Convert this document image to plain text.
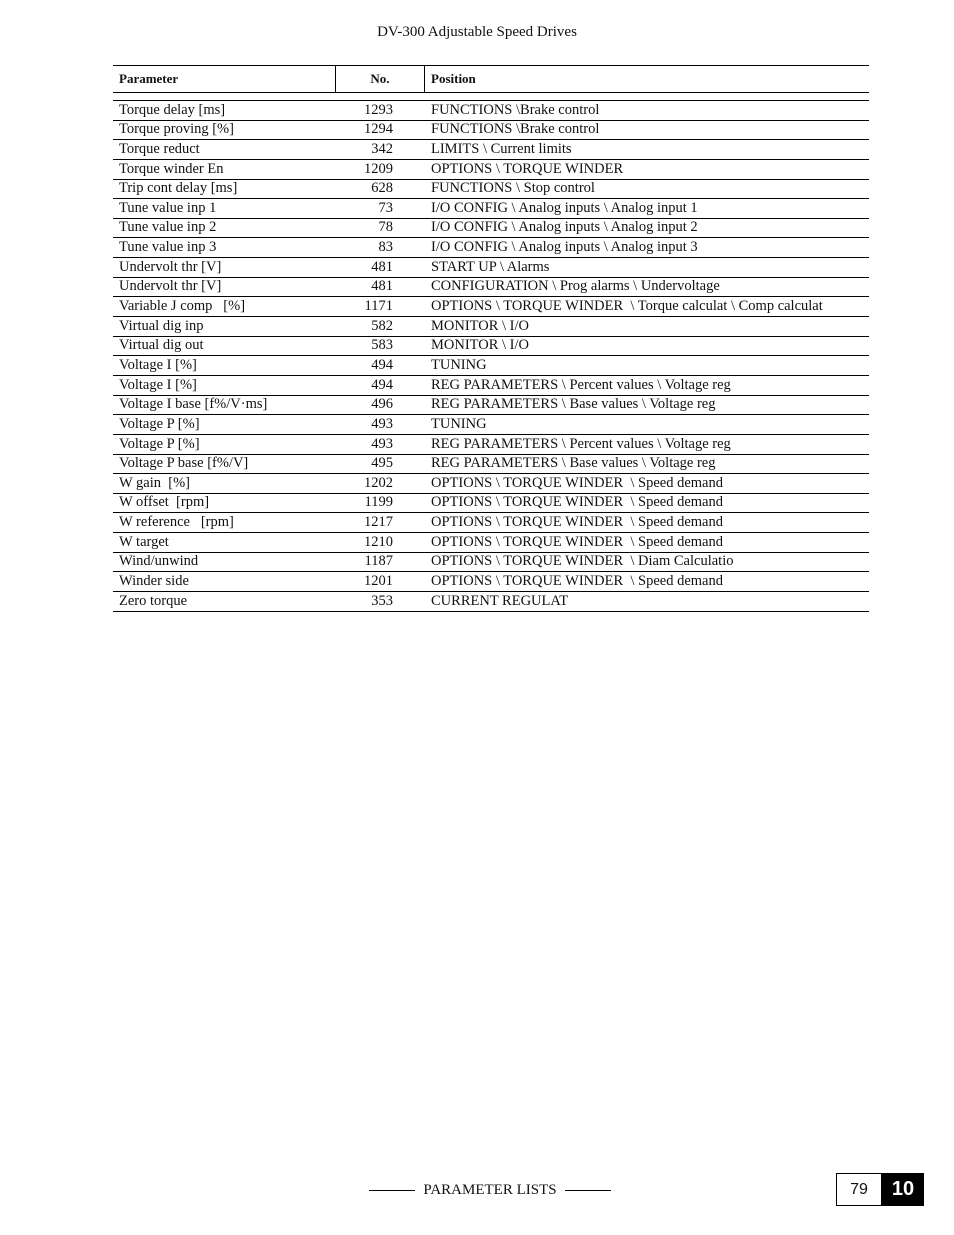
DV-300 Adjustable Speed Drives
Parameter	No.	Position
Torque delay [ms]	1293	FUNCTIONS \Brake control
Torque proving [%]	1294	FUNCTIONS \Brake control
Torque reduct	342	LIMITS \ Current limits
Torque winder En	1209	OPTIONS \ TORQUE WINDER
Trip cont delay [ms]	628	FUNCTIONS \ Stop control
Tune value inp 1	73	I/O CONFIG \ Analog inputs \ Analog input 1
Tune value inp 2	78	I/O CONFIG \ Analog inputs \ Analog input 2
Tune value inp 3	83	I/O CONFIG \ Analog inputs \ Analog input 3
Undervolt thr [V]	481	START UP \ Alarms
Undervolt thr [V]	481	CONFIGURATION \ Prog alarms \ Undervoltage
Variable J comp   [%]	1171	OPTIONS \ TORQUE WINDER  \ Torque calculat \ Comp calculat
Virtual dig inp	582	MONITOR \ I/O
Virtual dig out	583	MONITOR \ I/O
Voltage I [%]	494	TUNING
Voltage I [%]	494	REG PARAMETERS \ Percent values \ Voltage reg
Voltage I base [f%/V·ms]	496	REG PARAMETERS \ Base values \ Voltage reg
Voltage P [%]	493	TUNING
Voltage P [%]	493	REG PARAMETERS \ Percent values \ Voltage reg
Voltage P base [f%/V]	495	REG PARAMETERS \ Base values \ Voltage reg
W gain  [%]	1202	OPTIONS \ TORQUE WINDER  \ Speed demand
W offset  [rpm]	1199	OPTIONS \ TORQUE WINDER  \ Speed demand
W reference   [rpm]	1217	OPTIONS \ TORQUE WINDER  \ Speed demand
W target	1210	OPTIONS \ TORQUE WINDER  \ Speed demand
Wind/unwind	1187	OPTIONS \ TORQUE WINDER  \ Diam Calculatio
Winder side	1201	OPTIONS \ TORQUE WINDER  \ Speed demand
Zero torque	353	CURRENT REGULAT
PARAMETER LISTS	79	10
